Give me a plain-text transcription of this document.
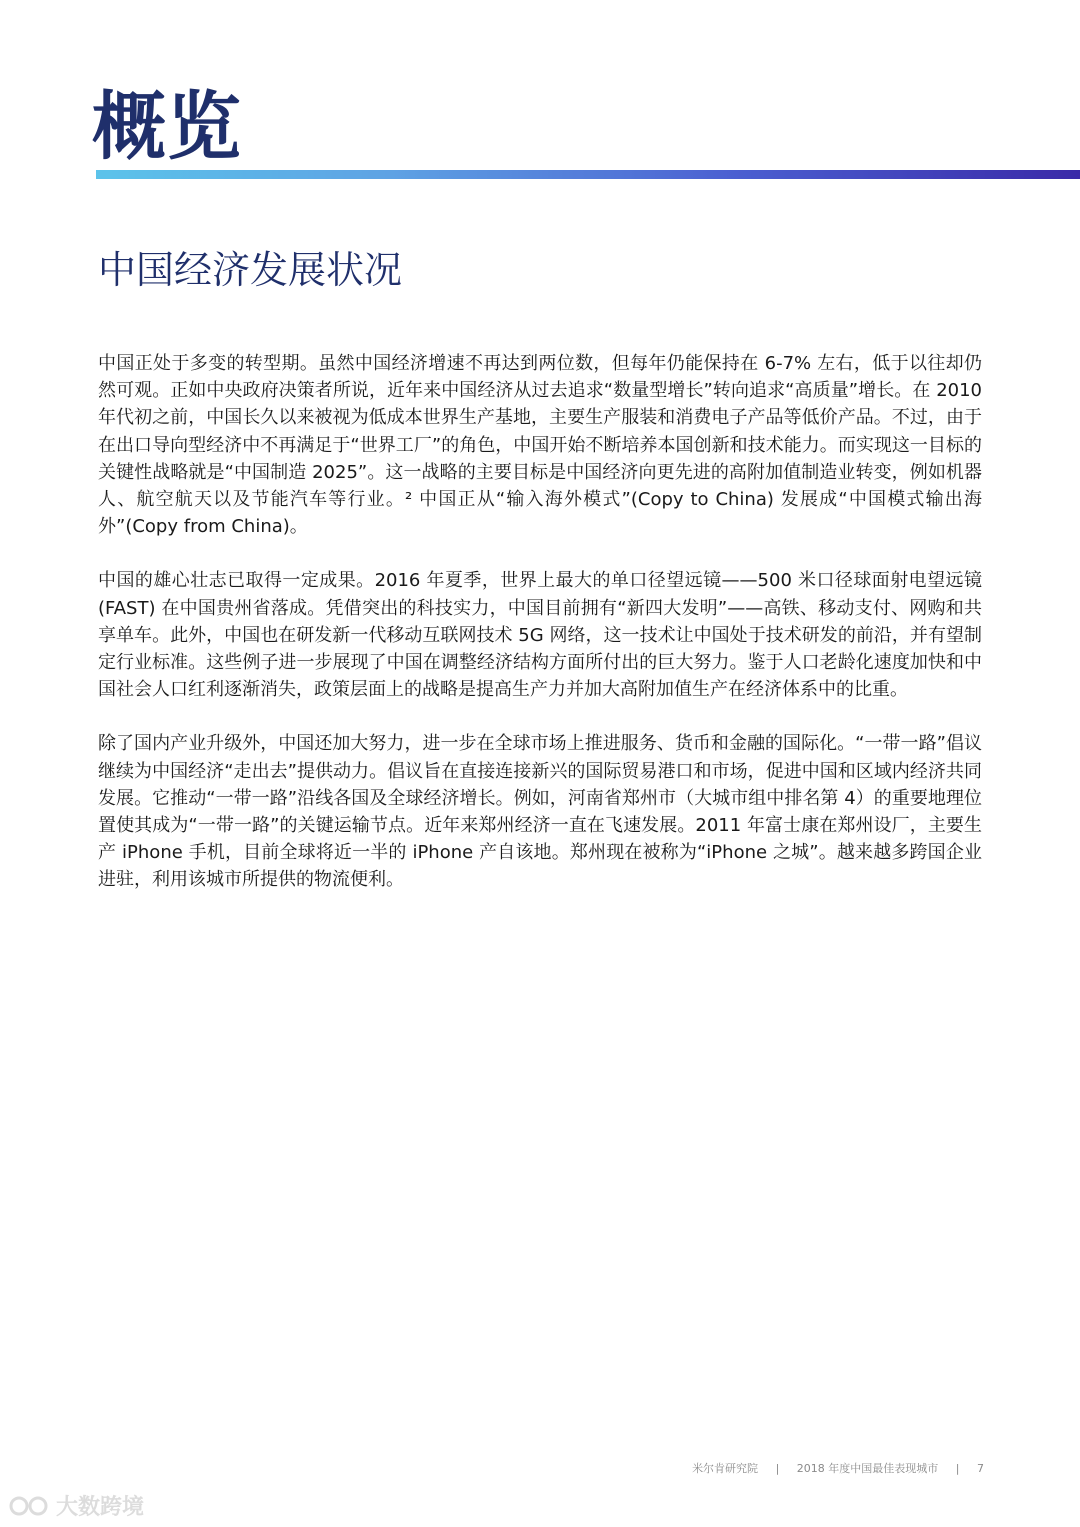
概览
中国经济发展状况

中国正处于多变的转型期。虽然中国经济增速不再达到两位数，但每年仍能保持在 6-7% 左右，低于以往却仍然可观。正如中央政府决策者所说，近年来中国经济从过去追求“数量型增长”转向追求“高质量”增长。在 2010 年代初之前，中国长久以来被视为低成本世界生产基地，主要生产服装和消费电子产品等低价产品。不过，由于在出口导向型经济中不再满足于“世界工厂”的角色，中国开始不断培养本国创新和技术能力。而实现这一目标的关键性战略就是“中国制造 2025”。这一战略的主要目标是中国经济向更先进的高附加值制造业转变，例如机器人、航空航天以及节能汽车等行业。² 中国正从“输入海外模式”(Copy to China) 发展成“中国模式输出海外”(Copy from China)。

中国的雄心壮志已取得一定成果。2016 年夏季，世界上最大的单口径望远镜——500 米口径球面射电望远镜 (FAST) 在中国贵州省落成。凭借突出的科技实力，中国目前拥有“新四大发明”——高铁、移动支付、网购和共享单车。此外，中国也在研发新一代移动互联网技术 5G 网络，这一技术让中国处于技术研发的前沿，并有望制定行业标准。这些例子进一步展现了中国在调整经济结构方面所付出的巨大努力。鉴于人口老龄化速度加快和中国社会人口红利逐渐消失，政策层面上的战略是提高生产力并加大高附加值生产在经济体系中的比重。

除了国内产业升级外，中国还加大努力，进一步在全球市场上推进服务、货币和金融的国际化。“一带一路”倡议继续为中国经济“走出去”提供动力。倡议旨在直接连接新兴的国际贸易港口和市场，促进中国和区域内经济共同发展。它推动“一带一路”沿线各国及全球经济增长。例如，河南省郑州市（大城市组中排名第 4）的重要地理位置使其成为“一带一路”的关键运输节点。近年来郑州经济一直在飞速发展。2011 年富士康在郑州设厂，主要生产 iPhone 手机，目前全球将近一半的 iPhone 产自该地。郑州现在被称为“iPhone 之城”。越来越多跨国企业进驻，利用该城市所提供的物流便利。

米尔肯研究院 | 2018 年度中国最佳表现城市 | 7
大数跨境
